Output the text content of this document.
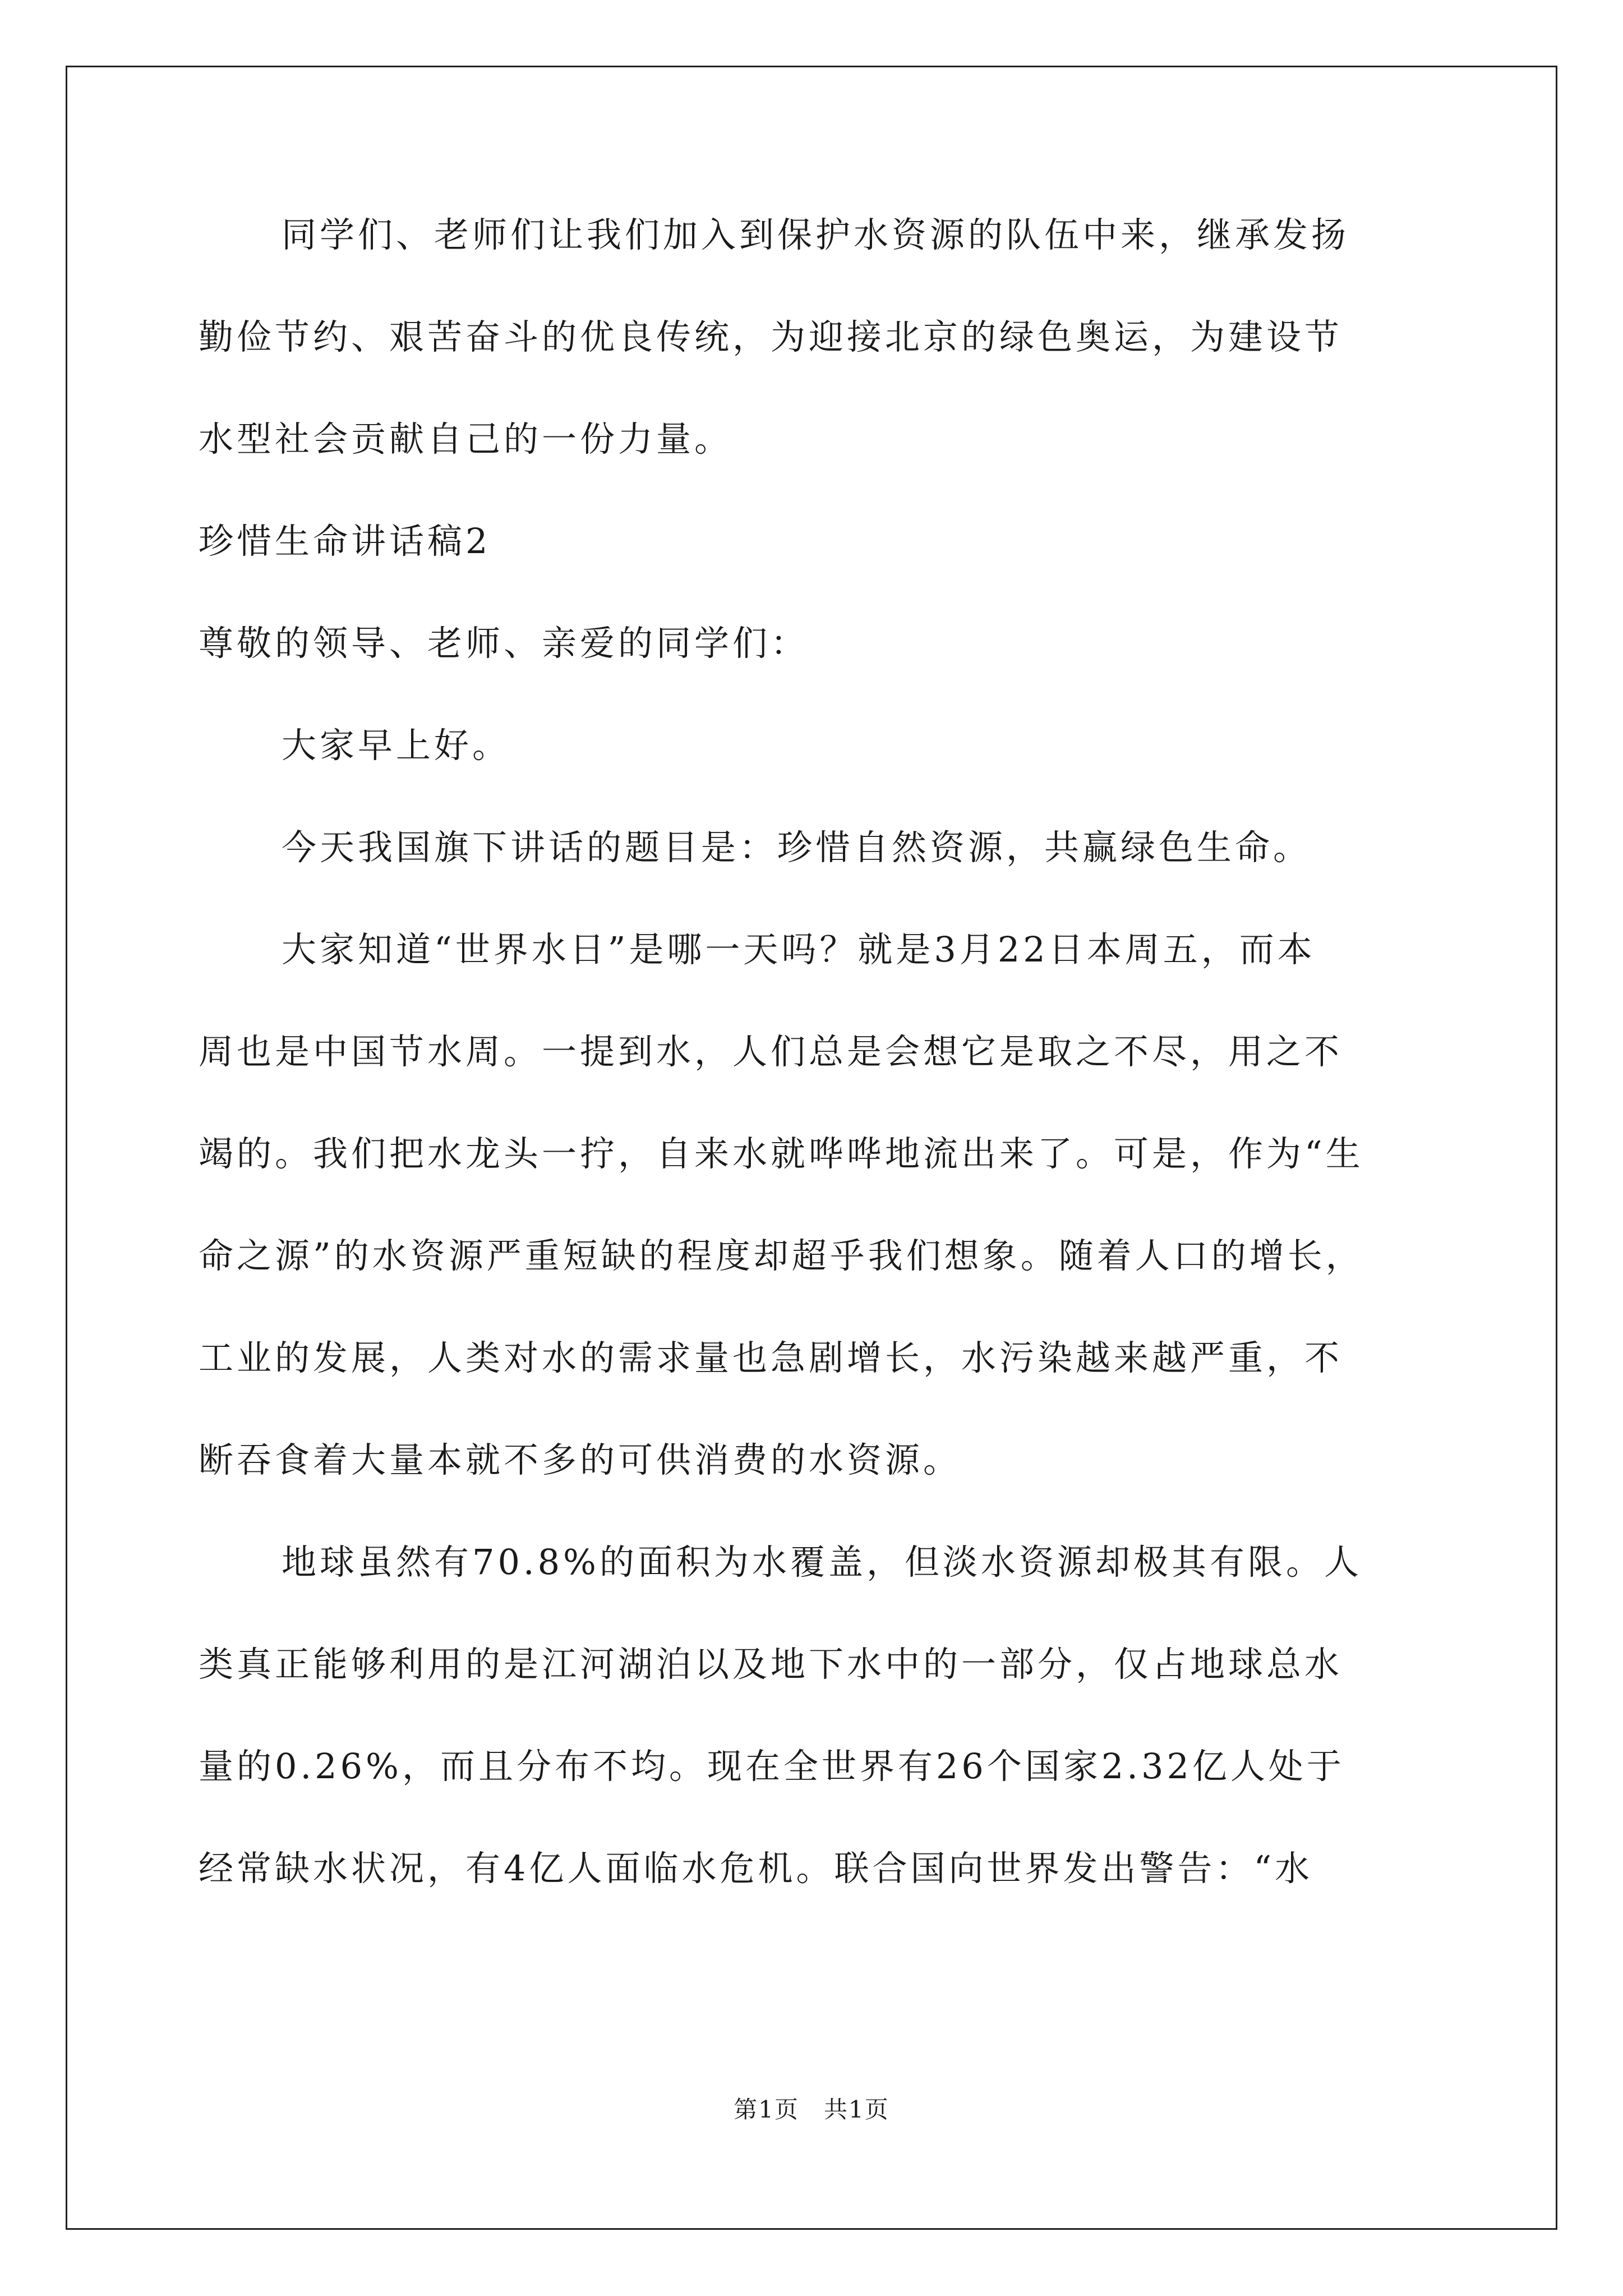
同学们、老师们让我们加入到保护水资源的队伍中来，继承发扬
勤俭节约、艰苦奋斗的优良传统，为迎接北京的绿色奥运，为建设节
水型社会贡献自己的一份力量。
珍惜生命讲话稿2
尊敬的领导、老师、亲爱的同学们：
大家早上好。
今天我国旗下讲话的题目是：珍惜自然资源，共赢绿色生命。
大家知道“世界水日”是哪一天吗？就是3月22日本周五，而本
周也是中国节水周。一提到水，人们总是会想它是取之不尽，用之不
竭的。我们把水龙头一拧，自来水就哗哗地流出来了。可是，作为“生
命之源”的水资源严重短缺的程度却超乎我们想象。随着人口的增长，
工业的发展，人类对水的需求量也急剧增长，水污染越来越严重，不
断吞食着大量本就不多的可供消费的水资源。
地球虽然有70.8%的面积为水覆盖，但淡水资源却极其有限。人
类真正能够利用的是江河湖泊以及地下水中的一部分，仅占地球总水
量的0.26%，而且分布不均。现在全世界有26个国家2.32亿人处于
经常缺水状况，有4亿人面临水危机。联合国向世界发出警告：“水
第1页　共1页
